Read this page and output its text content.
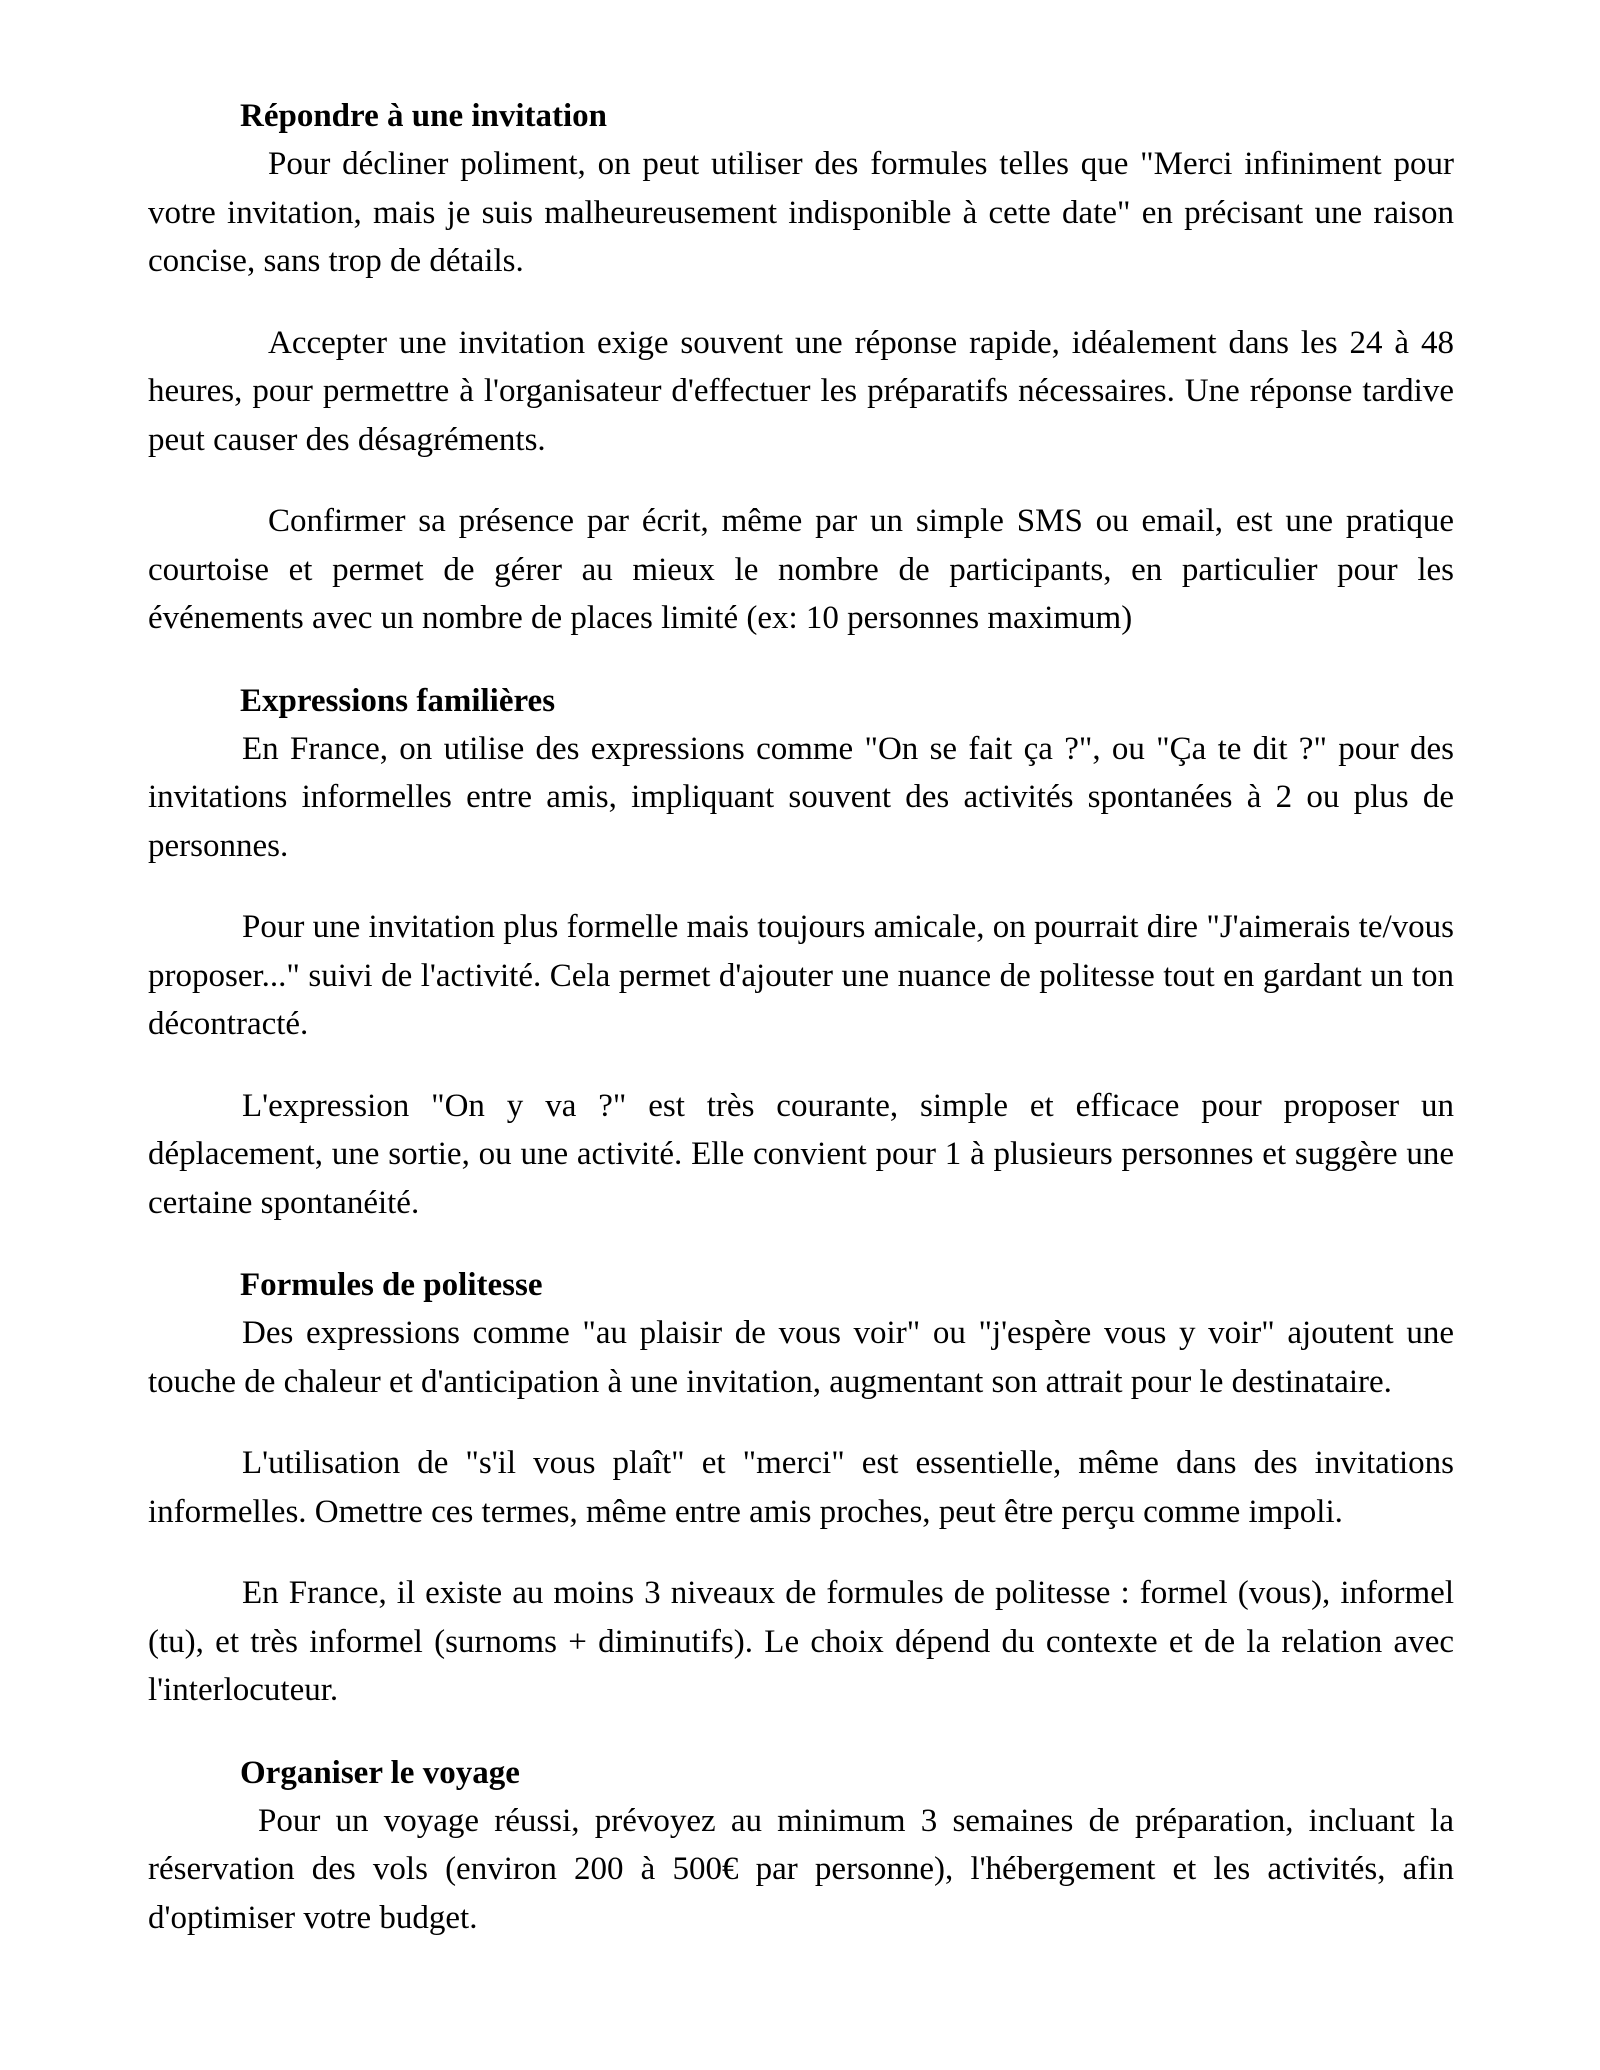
Répondre à une invitation

Pour décliner poliment, on peut utiliser des formules telles que "Merci infiniment pour votre invitation, mais je suis malheureusement indisponible à cette date" en précisant une raison concise, sans trop de détails.

Accepter une invitation exige souvent une réponse rapide, idéalement dans les 24 à 48 heures, pour permettre à l'organisateur d'effectuer les préparatifs nécessaires. Une réponse tardive peut causer des désagréments.

Confirmer sa présence par écrit, même par un simple SMS ou email, est une pratique courtoise et permet de gérer au mieux le nombre de participants, en particulier pour les événements avec un nombre de places limité (ex: 10 personnes maximum)

Expressions familières

En France, on utilise des expressions comme "On se fait ça ?", ou "Ça te dit ?" pour des invitations informelles entre amis, impliquant souvent des activités spontanées à 2 ou plus de personnes.

Pour une invitation plus formelle mais toujours amicale, on pourrait dire "J'aimerais te/vous proposer..." suivi de l'activité. Cela permet d'ajouter une nuance de politesse tout en gardant un ton décontracté.

L'expression "On y va ?" est très courante, simple et efficace pour proposer un déplacement, une sortie, ou une activité. Elle convient pour 1 à plusieurs personnes et suggère une certaine spontanéité.

Formules de politesse

Des expressions comme "au plaisir de vous voir" ou "j'espère vous y voir" ajoutent une touche de chaleur et d'anticipation à une invitation, augmentant son attrait pour le destinataire.

L'utilisation de "s'il vous plaît" et "merci" est essentielle, même dans des invitations informelles. Omettre ces termes, même entre amis proches, peut être perçu comme impoli.

En France, il existe au moins 3 niveaux de formules de politesse : formel (vous), informel (tu), et très informel (surnoms + diminutifs). Le choix dépend du contexte et de la relation avec l'interlocuteur.

Organiser le voyage

Pour un voyage réussi, prévoyez au minimum 3 semaines de préparation, incluant la réservation des vols (environ 200 à 500€ par personne), l'hébergement et les activités, afin d'optimiser votre budget.
